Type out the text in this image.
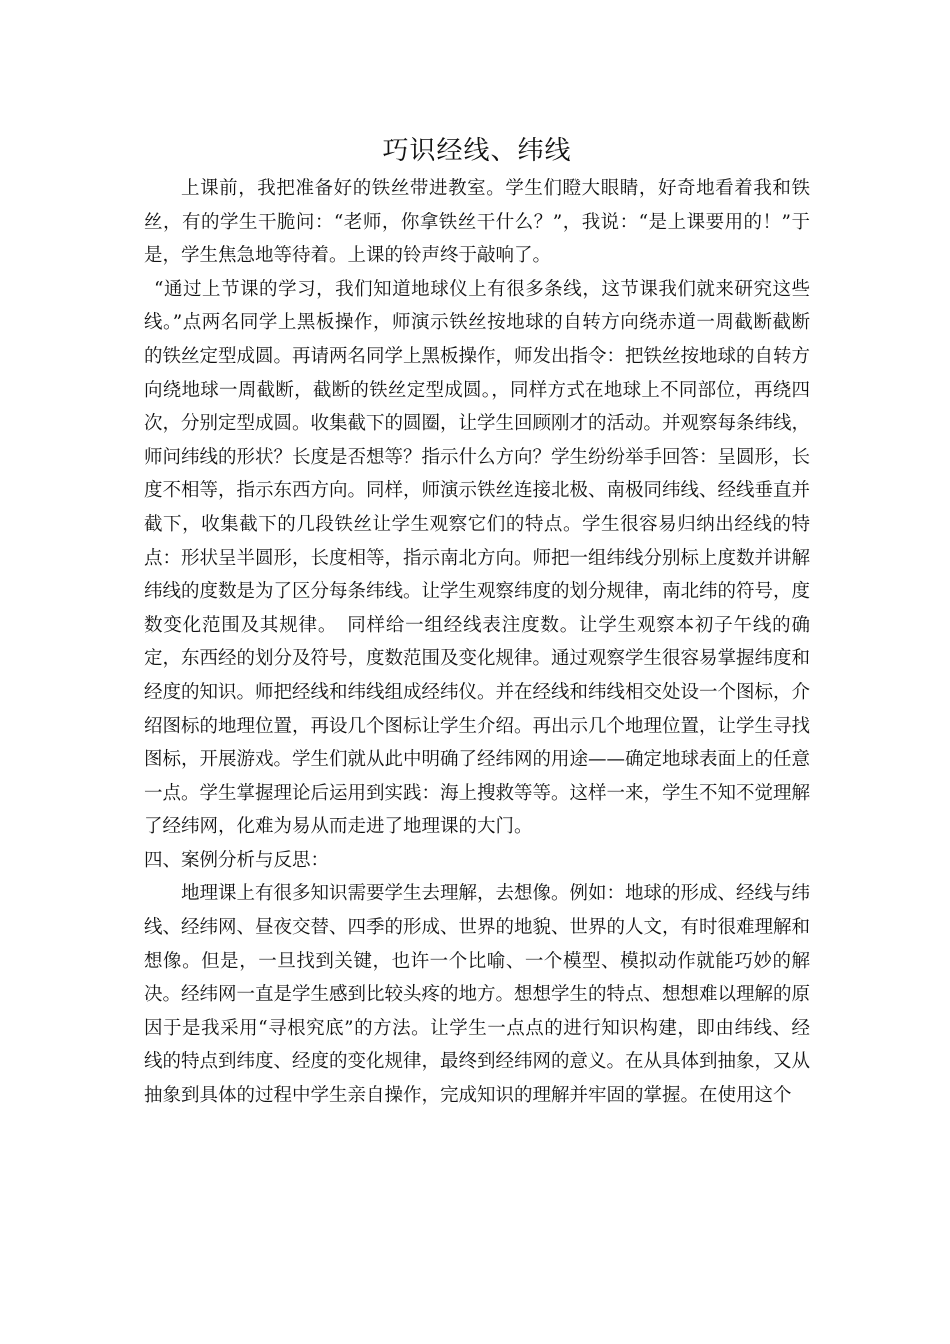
巧识经线、纬线

上课前，我把准备好的铁丝带进教室。学生们瞪大眼睛，好奇地看着我和铁丝，有的学生干脆问：“老师，你拿铁丝干什么？”，我说：“是上课要用的！”于是，学生焦急地等待着。上课的铃声终于敲响了。

“通过上节课的学习，我们知道地球仪上有很多条线，这节课我们就来研究这些线。”点两名同学上黑板操作，师演示铁丝按地球的自转方向绕赤道一周截断截断的铁丝定型成圆。再请两名同学上黑板操作，师发出指令：把铁丝按地球的自转方向绕地球一周截断，截断的铁丝定型成圆。，同样方式在地球上不同部位，再绕四次，分别定型成圆。收集截下的圆圈，让学生回顾刚才的活动。并观察每条纬线，师问纬线的形状？长度是否想等？指示什么方向？学生纷纷举手回答：呈圆形，长度不相等，指示东西方向。同样，师演示铁丝连接北极、南极同纬线、经线垂直并截下，收集截下的几段铁丝让学生观察它们的特点。学生很容易归纳出经线的特点：形状呈半圆形，长度相等，指示南北方向。师把一组纬线分别标上度数并讲解纬线的度数是为了区分每条纬线。让学生观察纬度的划分规律，南北纬的符号，度数变化范围及其规律。　同样给一组经线表注度数。让学生观察本初子午线的确定，东西经的划分及符号，度数范围及变化规律。通过观察学生很容易掌握纬度和经度的知识。师把经线和纬线组成经纬仪。并在经线和纬线相交处设一个图标，介绍图标的地理位置，再设几个图标让学生介绍。再出示几个地理位置，让学生寻找图标，开展游戏。学生们就从此中明确了经纬网的用途——确定地球表面上的任意一点。学生掌握理论后运用到实践：海上搜救等等。这样一来，学生不知不觉理解了经纬网，化难为易从而走进了地理课的大门。

四、案例分析与反思：

地理课上有很多知识需要学生去理解，去想像。例如：地球的形成、经线与纬线、经纬网、昼夜交替、四季的形成、世界的地貌、世界的人文，有时很难理解和想像。但是，一旦找到关键，也许一个比喻、一个模型、模拟动作就能巧妙的解决。经纬网一直是学生感到比较头疼的地方。想想学生的特点、想想难以理解的原因于是我采用“寻根究底”的方法。让学生一点点的进行知识构建，即由纬线、经线的特点到纬度、经度的变化规律，最终到经纬网的意义。在从具体到抽象，又从抽象到具体的过程中学生亲自操作，完成知识的理解并牢固的掌握。在使用这个
